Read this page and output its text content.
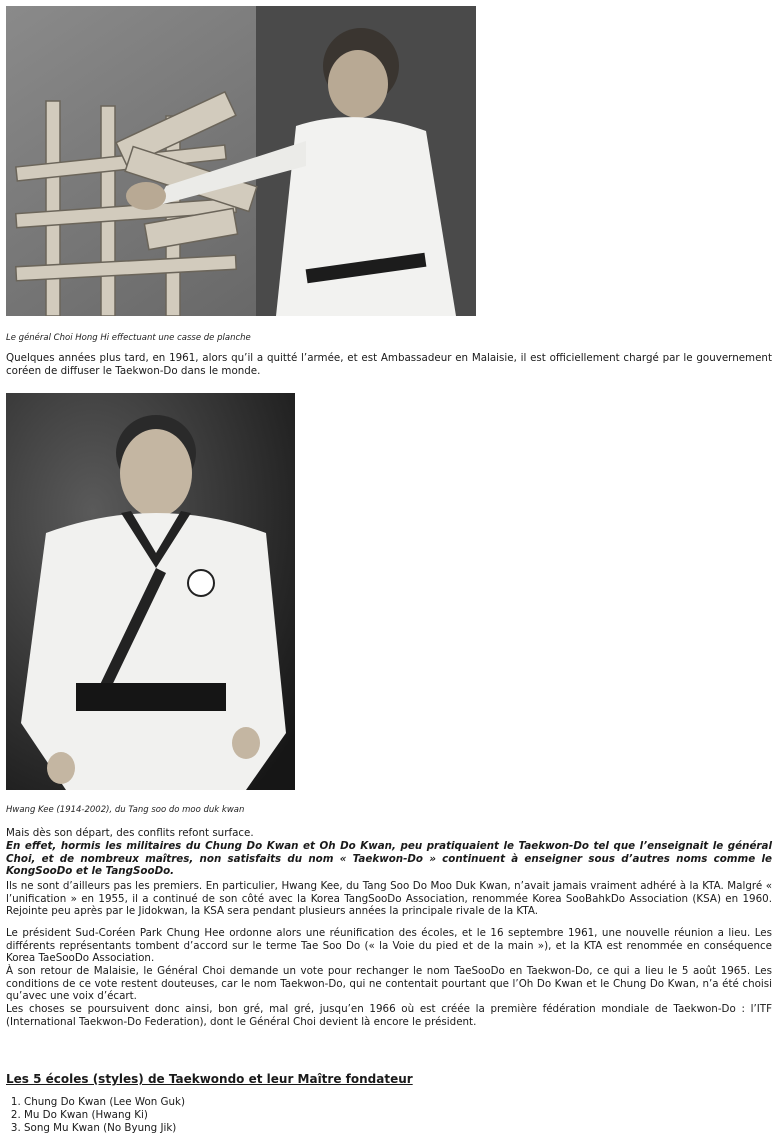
Le général Choi Hong Hi effectuant une casse de planche

Quelques années plus tard, en 1961, alors qu’il a quitté l’armée, et est Ambassadeur en Malaisie, il est officiellement chargé par le gouvernement coréen de diffuser le Taekwon-Do dans le monde.

Hwang Kee (1914-2002), du Tang soo do moo duk kwan

Mais dès son départ, des conflits refont surface.

En effet, hormis les militaires du Chung Do Kwan et Oh Do Kwan, peu pratiquaient le Taekwon-Do tel que l’enseignait le général Choi, et de nombreux maîtres, non satisfaits du nom « Taekwon-Do » continuent à enseigner sous d’autres noms comme le KongSooDo et le TangSooDo.

Ils ne sont d’ailleurs pas les premiers. En particulier, Hwang Kee, du Tang Soo Do Moo Duk Kwan, n’avait jamais vraiment adhéré à la KTA. Malgré « l’unification » en 1955, il a continué de son côté avec la Korea TangSooDo Association, renommée Korea SooBahkDo Association (KSA) en 1960. Rejointe peu après par le Jidokwan, la KSA sera pendant plusieurs années la principale rivale de la KTA.

Le président Sud-Coréen Park Chung Hee ordonne alors une réunification des écoles, et le 16 septembre 1961, une nouvelle réunion a lieu. Les différents représentants tombent d’accord sur le terme Tae Soo Do (« la Voie du pied et de la main »), et la KTA est renommée en conséquence Korea TaeSooDo Association.

À son retour de Malaisie, le Général Choi demande un vote pour rechanger le nom TaeSooDo en Taekwon-Do, ce qui a lieu le 5 août 1965. Les conditions de ce vote restent douteuses, car le nom Taekwon-Do, qui ne contentait pourtant que l’Oh Do Kwan et le Chung Do Kwan, n’a été choisi qu’avec une voix d’écart.

Les choses se poursuivent donc ainsi, bon gré, mal gré, jusqu’en 1966 où est créée la première fédération mondiale de Taekwon-Do : l’ITF (International Taekwon-Do Federation), dont le Général Choi devient là encore le président.

Les 5 écoles (styles) de Taekwondo et leur Maître fondateur
1. Chung Do Kwan (Lee Won Guk)
2. Mu Do Kwan (Hwang Ki)
3. Song Mu Kwan (No Byung Jik)
